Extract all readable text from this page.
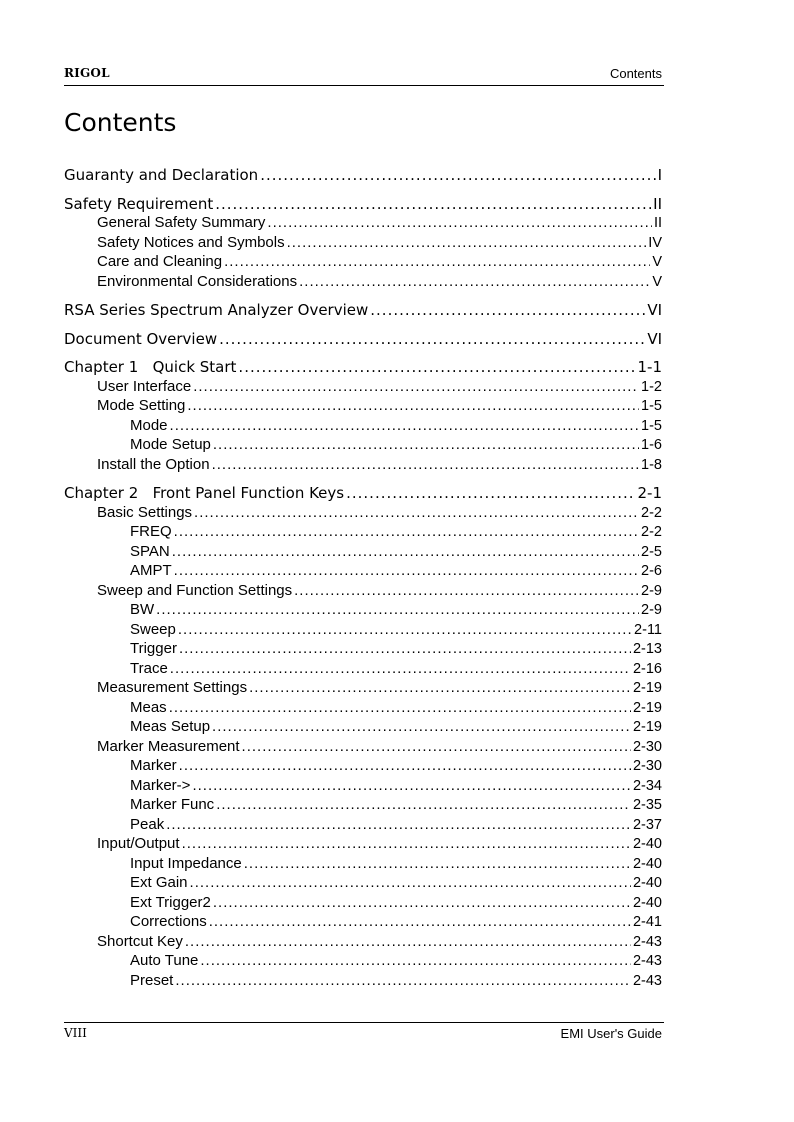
RIGOL	Contents
Contents
Guaranty and Declaration .....	I
Safety Requirement .....	II
General Safety Summary .....	II
Safety Notices and Symbols .....	IV
Care and Cleaning .....	V
Environmental Considerations .....	V
RSA Series Spectrum Analyzer Overview .....	VI
Document Overview .....	VI
Chapter 1   Quick Start .....	1-1
User Interface .....	1-2
Mode Setting .....	1-5
Mode .....	1-5
Mode Setup .....	1-6
Install the Option .....	1-8
Chapter 2   Front Panel Function Keys .....	2-1
Basic Settings .....	2-2
FREQ .....	2-2
SPAN .....	2-5
AMPT .....	2-6
Sweep and Function Settings .....	2-9
BW .....	2-9
Sweep .....	2-11
Trigger .....	2-13
Trace .....	2-16
Measurement Settings .....	2-19
Meas .....	2-19
Meas Setup .....	2-19
Marker Measurement .....	2-30
Marker .....	2-30
Marker-> .....	2-34
Marker Func .....	2-35
Peak .....	2-37
Input/Output .....	2-40
Input Impedance .....	2-40
Ext Gain .....	2-40
Ext Trigger2 .....	2-40
Corrections .....	2-41
Shortcut Key .....	2-43
Auto Tune .....	2-43
Preset .....	2-43
VIII	EMI User's Guide
